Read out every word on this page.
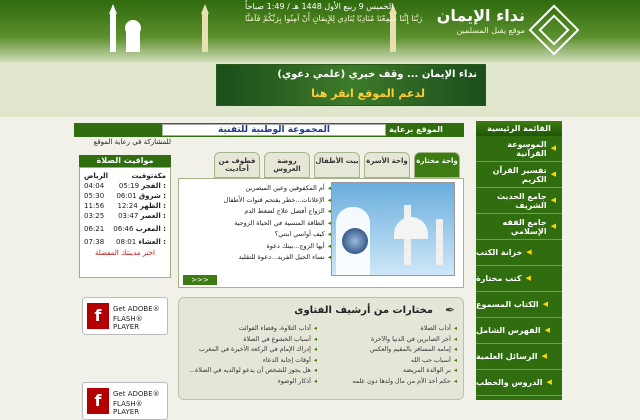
الخميس 9 ربيع الأول 1448 هـ / 1:49 صباحاً
رَبَّنَا إِنَّنَا سَمِعْنَا مُنَادِيًا يُنَادِي لِلإِيمَانِ أَنْ آمِنُوا بِرَبِّكُمْ فَآمَنَّا نداء الإيمان
موقع يقبل المسلمين
نداء الإيمان ... وقف خيري (علمي دعوي)
لدعم الموقع انقر هنا
القائمة الرئيسية
◀
الموسوعة القرآنية
◀
تفسير القرآن الكريم
◀
جامع الحديث الشريف
◀
جامع الفقه الإسلامي
◀
خزانة الكتب
◀
كتب مختارة
◀
الكتاب المسموع
◀
الفهرس الشامل
◀
الرسائل العلمية
◀
الدروس والخطب
الموقع برعاية
المجموعة الوطنية للتقنية
للمشاركة في رعاية الموقع
مواقيت الصلاة
الرياض	مكةتوقيت
04:04 05:19 الفجر :
05:30 06:01 شروق :
11:56 12:24 الظهر :
03:25 03:47 العصر :
06:21 06:46 المغرب :
07:38 08:01 العشاء :
اختر مدينتك المفضلة
f	Get ADOBE®
FLASH® PLAYER
f	Get ADOBE®
FLASH® PLAYER
واحة مختارة
واحة الأسرة
بيت الأطفال
روضة العروس
قطوف من أحاديث
◂أم المكفوفين وعين المبصرين
◂الإعلانات...خطر يقتحم قنوات الأطفال
◂الزواج أفضل علاج لضغط الدم
◂الطاقة المنسية في الحياة الزوجية
◂كيف أواسي ابنتي؟
◂أيها الزوج...بيتك دعوة
◂نساء الجيل الفريد...دعوة للتقليد
>>>
✒
مختارات من أرشيف الفتاوى
◂أداب الصلاة
◂أجر الصابرين في الدنيا والآخرة
◂إمامة المسافر بالمقيم والعكس
◂أسباب حب الله
◂بر الوالدة المريضة
◂حكم أخذ الأم من مال ولدها دون علمه
◂آداب التلاوة، وقضاء الفوائت
◂أسباب الخشوع في الصلاة
◂إدراك الإمام في الركعة الأخيرة في المغرب
◂أوقات إجابة الدعاء
◂هل يجوز للشخص أن يدعو لوالديه في الصلاة...
◂أذكار الوضوء
